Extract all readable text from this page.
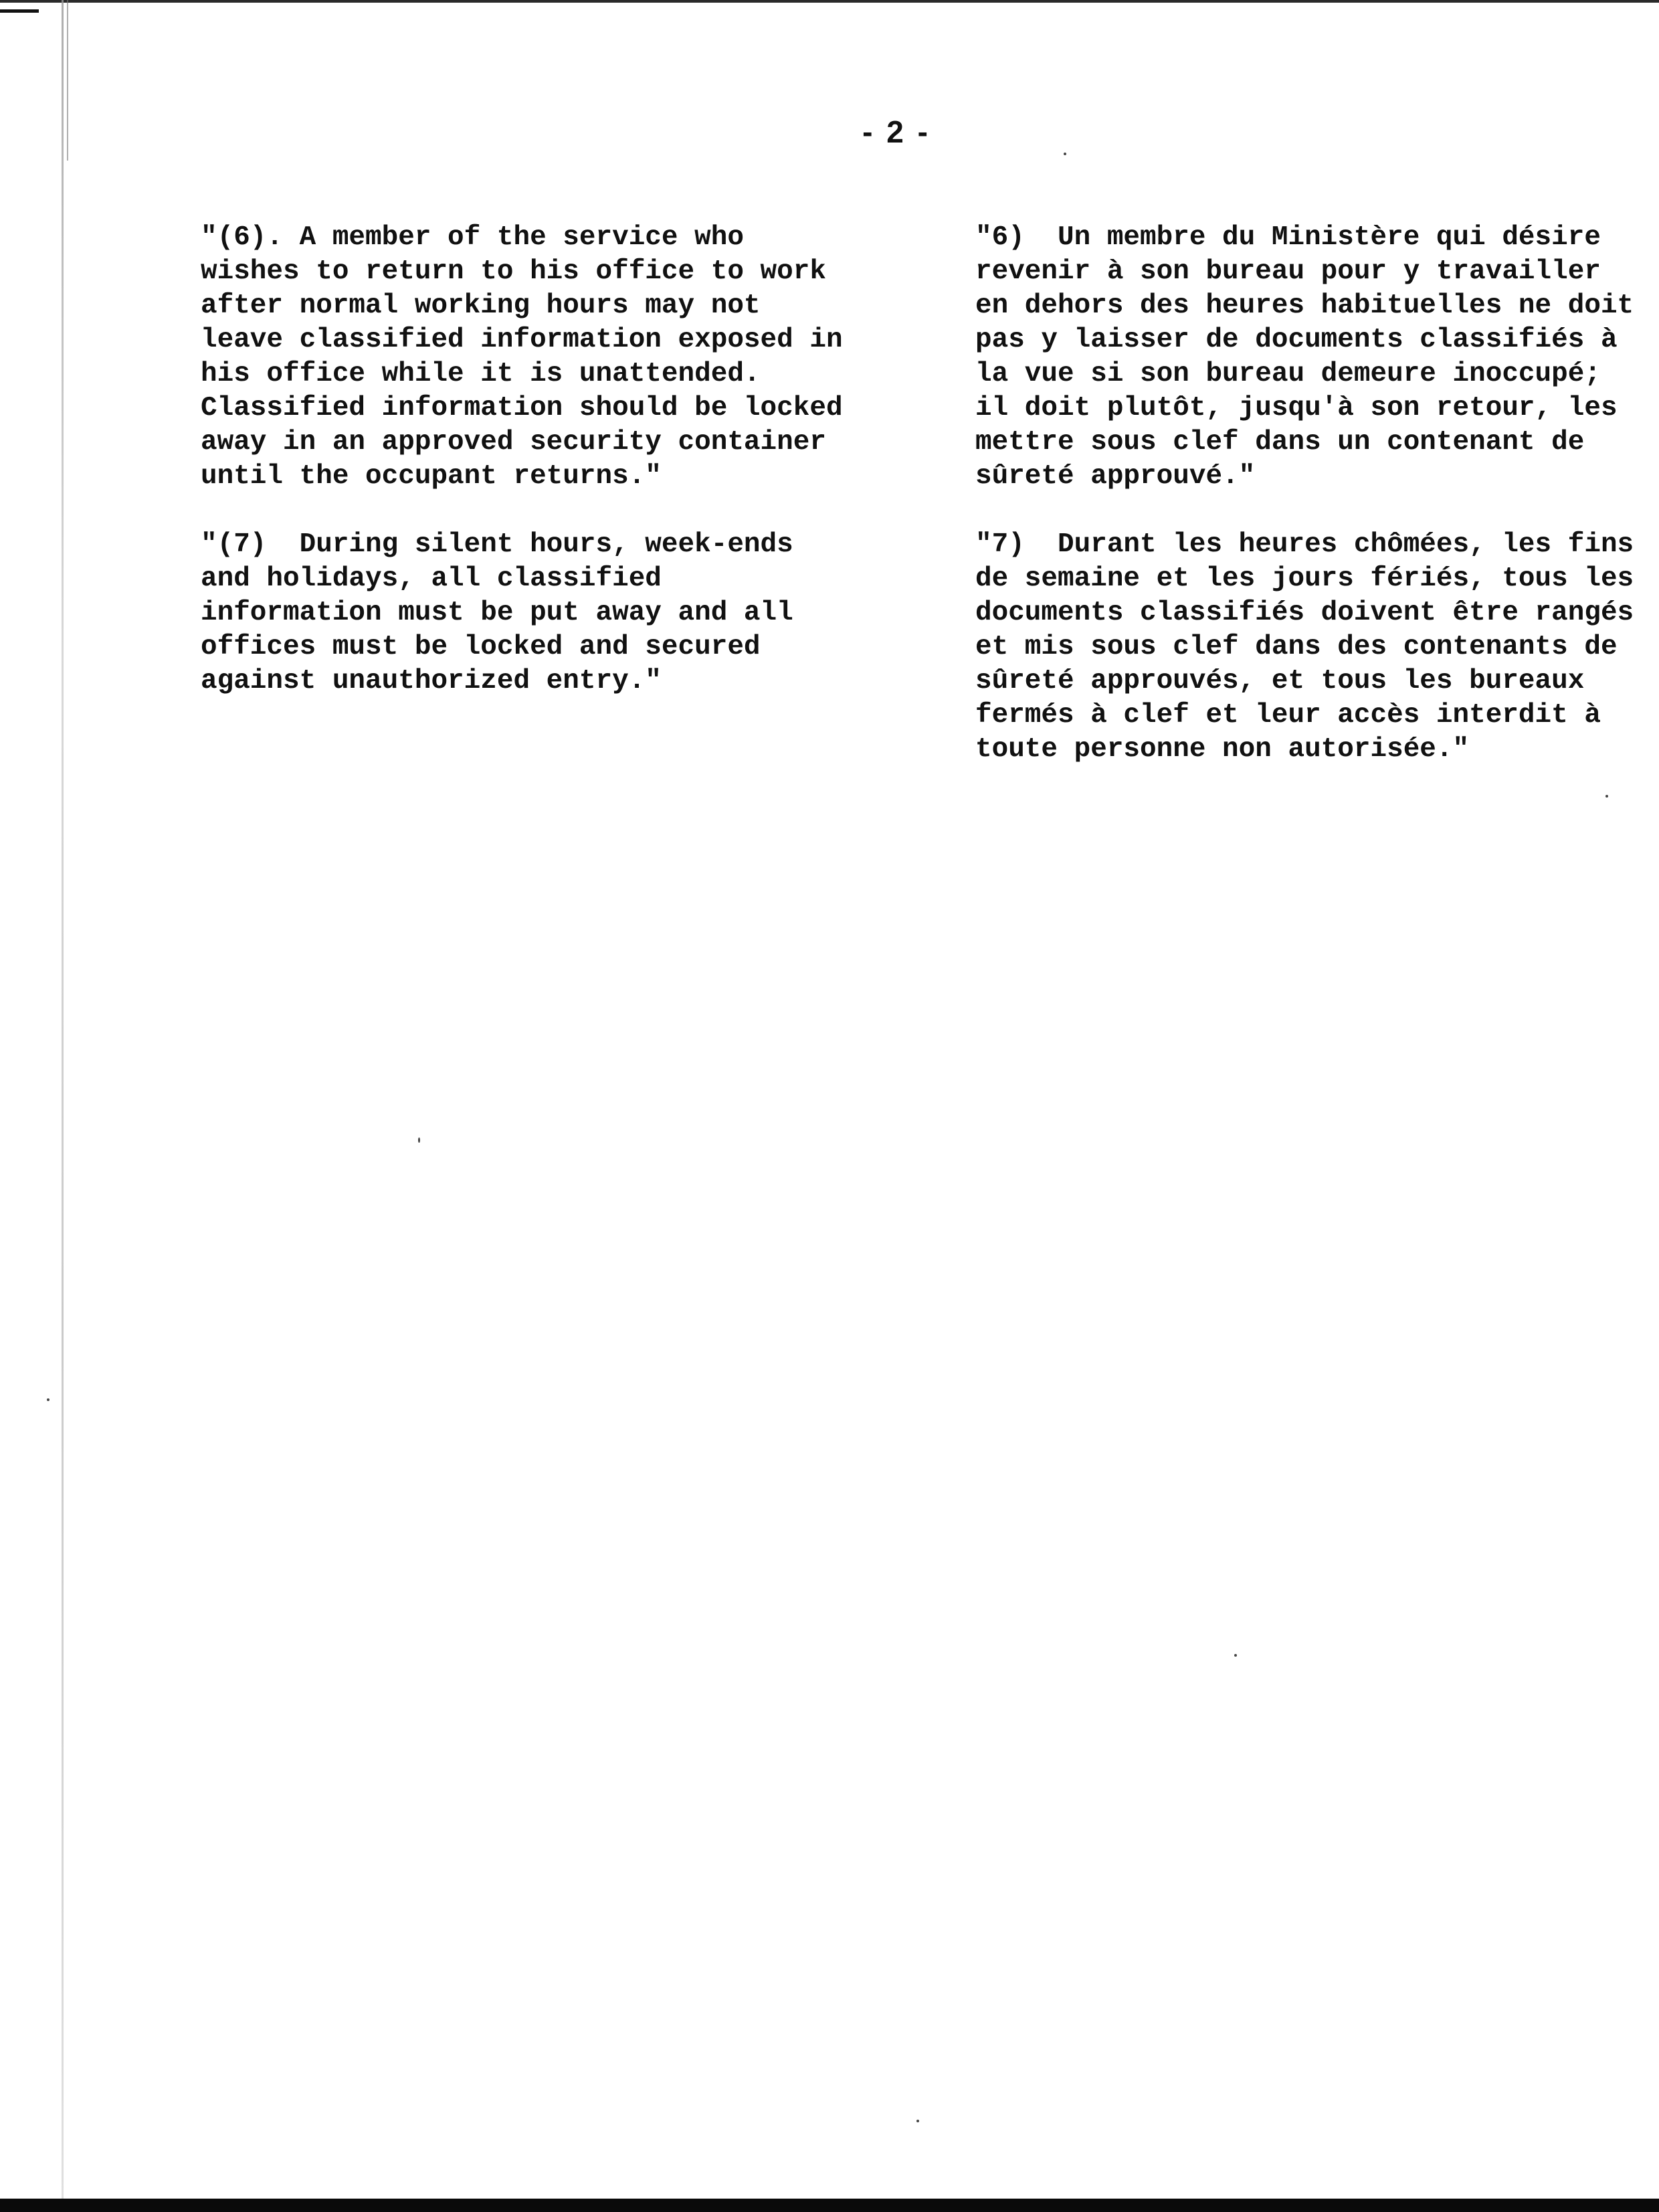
- 2 -

"(6). A member of the service who
wishes to return to his office to work
after normal working hours may not
leave classified information exposed in
his office while it is unattended.
Classified information should be locked
away in an approved security container
until the occupant returns."

"(7)  During silent hours, week-ends
and holidays, all classified
information must be put away and all
offices must be locked and secured
against unauthorized entry."

"6)  Un membre du Ministère qui désire
revenir à son bureau pour y travailler
en dehors des heures habituelles ne doit
pas y laisser de documents classifiés à
la vue si son bureau demeure inoccupé;
il doit plutôt, jusqu'à son retour, les
mettre sous clef dans un contenant de
sûreté approuvé."

"7)  Durant les heures chômées, les fins
de semaine et les jours fériés, tous les
documents classifiés doivent être rangés
et mis sous clef dans des contenants de
sûreté approuvés, et tous les bureaux
fermés à clef et leur accès interdit à
toute personne non autorisée."
